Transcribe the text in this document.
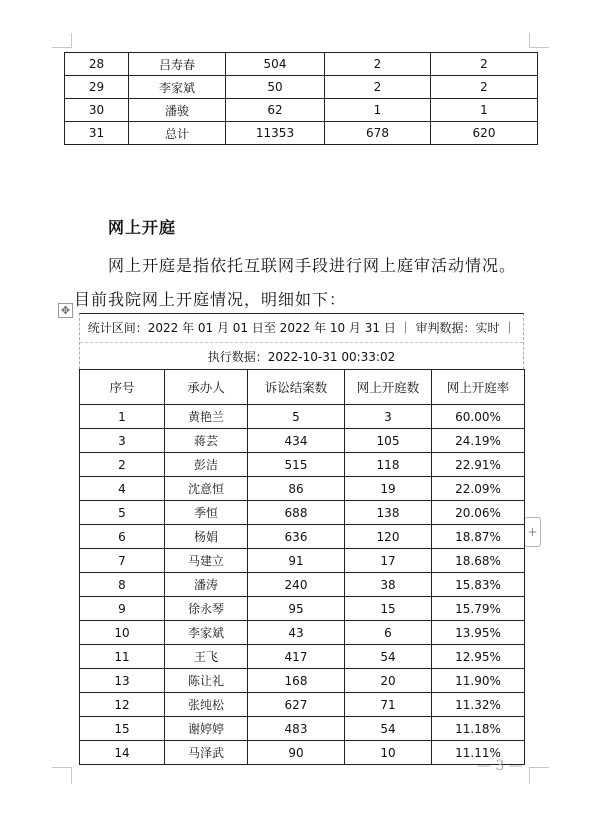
28	吕寿春	504	2	2
29	李家斌	50	2	2
30	潘骏	62	1	1
31	总计	11353	678	620
网上开庭
网上开庭是指依托互联网手段进行网上庭审活动情况。
目前我院网上开庭情况，明细如下：
✥
+
统计区间：2022 年 01 月 01 日至 2022 年 10 月 31 日 ｜ 审判数据：实时 ｜
执行数据：2022-10-31 00:33:02
序号	承办人	诉讼结案数	网上开庭数	网上开庭率
1	黄艳兰	5	3	60.00%
3	蒋芸	434	105	24.19%
2	彭洁	515	118	22.91%
4	沈意恒	86	19	22.09%
5	季恒	688	138	20.06%
6	杨娟	636	120	18.87%
7	马建立	91	17	18.68%
8	潘涛	240	38	15.83%
9	徐永琴	95	15	15.79%
10	李家斌	43	6	13.95%
11	王飞	417	54	12.95%
13	陈让礼	168	20	11.90%
12	张纯松	627	71	11.32%
15	谢婷婷	483	54	11.18%
14	马泽武	90	10	11.11%
— 3 —
